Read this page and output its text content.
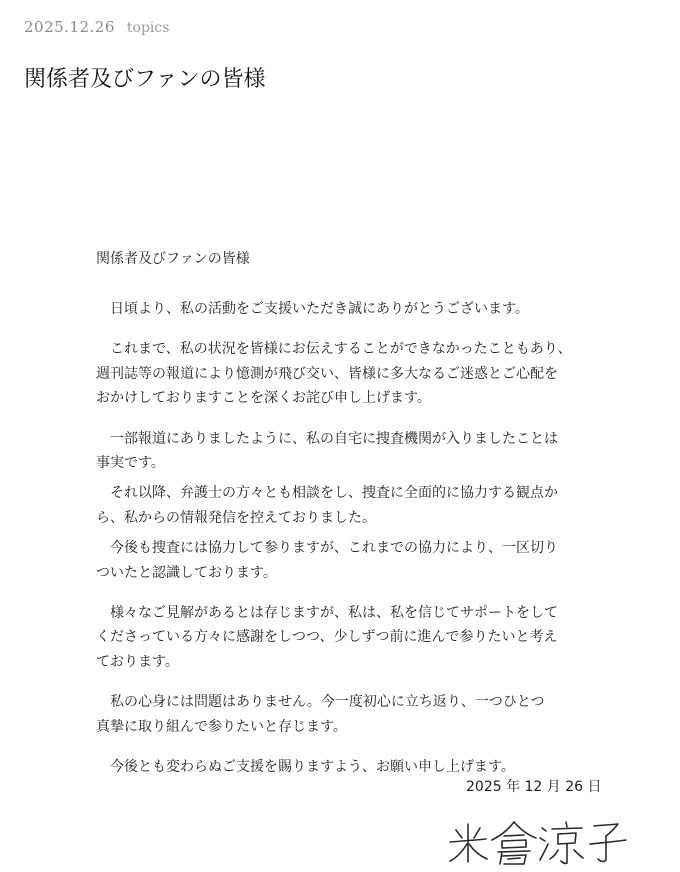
2025.12.26 topics
関係者及びファンの皆様

関係者及びファンの皆様

日頃より、私の活動をご支援いただき誠にありがとうございます。

これまで、私の状況を皆様にお伝えすることができなかったこともあり、

週刊誌等の報道により憶測が飛び交い、皆様に多大なるご迷惑とご心配を

おかけしておりますことを深くお詫び申し上げます。

一部報道にありましたように、私の自宅に捜査機関が入りましたことは

事実です。

それ以降、弁護士の方々とも相談をし、捜査に全面的に協力する観点か

ら、私からの情報発信を控えておりました。

今後も捜査には協力して参りますが、これまでの協力により、一区切り

ついたと認識しております。

様々なご見解があるとは存じますが、私は、私を信じてサポートをして

くださっている方々に感謝をしつつ、少しずつ前に進んで参りたいと考え

ております。

私の心身には問題はありません。今一度初心に立ち返り、一つひとつ

真摯に取り組んで参りたいと存じます。

今後とも変わらぬご支援を賜りますよう、お願い申し上げます。

2025 年 12 月 26 日
